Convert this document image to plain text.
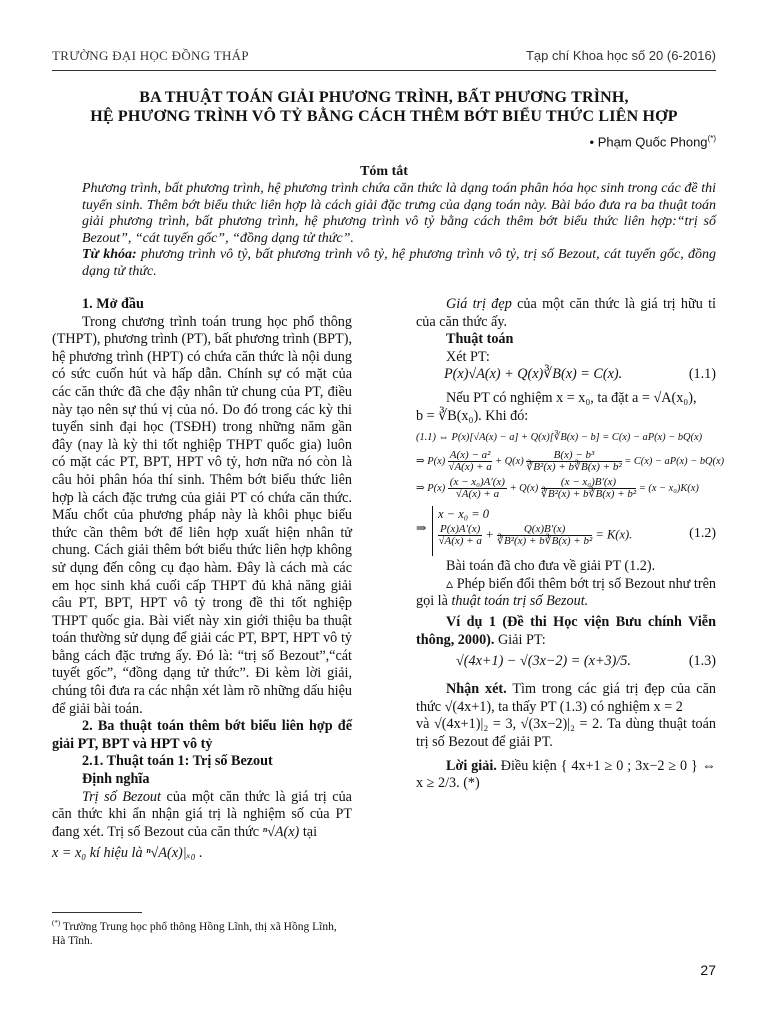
TRƯỜNG ĐẠI HỌC ĐỒNG THÁP	Tạp chí Khoa học số 20 (6-2016)
BA THUẬT TOÁN GIẢI PHƯƠNG TRÌNH, BẤT PHƯƠNG TRÌNH,
HỆ PHƯƠNG TRÌNH VÔ TỶ BẰNG CÁCH THÊM BỚT BIỂU THỨC LIÊN HỢP
• Phạm Quốc Phong(*)
Tóm tắt

Phương trình, bất phương trình, hệ phương trình chứa căn thức là dạng toán phân hóa học sinh trong các đề thi tuyển sinh. Thêm bớt biểu thức liên hợp là cách giải đặc trưng của dạng toán này. Bài báo đưa ra ba thuật toán giải phương trình, bất phương trình, hệ phương trình vô tỷ bằng cách thêm bớt biểu thức liên hợp:“trị số Bezout”, “cát tuyến gốc”, “đồng dạng tử thức”.

Từ khóa: phương trình vô tỷ, bất phương trình vô tỷ, hệ phương trình vô tỷ, trị số Bezout, cát tuyến gốc, đồng dạng tử thức.

1. Mở đầu

Trong chương trình toán trung học phổ thông (THPT), phương trình (PT), bất phương trình (BPT), hệ phương trình (HPT) có chứa căn thức là nội dung có sức cuốn hút và hấp dẫn. Chính sự có mặt của các căn thức đã che đậy nhân tử chung của PT, điều này tạo nên sự thú vị của nó. Do đó trong các kỳ thi tuyển sinh đại học (TSĐH) trong những năm gần đây (nay là kỳ thi tốt nghiệp THPT quốc gia) luôn có mặt các PT, BPT, HPT vô tỷ, hơn nữa nó còn là câu hỏi phân hóa thí sinh. Thêm bớt biểu thức liên hợp là cách đặc trưng của giải PT có chứa căn thức. Mấu chốt của phương pháp này là khôi phục biểu thức cần thêm bớt để liên hợp xuất hiện nhân tử chung. Cách giải thêm bớt biểu thức liên hợp không sử dụng đến công cụ đạo hàm. Đây là cách mà các em học sinh khá cuối cấp THPT đủ khả năng giải câu PT, BPT, HPT vô tỷ trong đề thi tốt nghiệp THPT quốc gia. Bài viết này xin giới thiệu ba thuật toán thường sử dụng để giải các PT, BPT, HPT vô tỷ bằng cách đặc trưng ấy. Đó là: “trị số Bezout”,“cát tuyết gốc”, “đồng dạng tử thức”. Đi kèm lời giải, chúng tôi đưa ra các nhận xét làm rõ những dấu hiệu để giải bài toán.

2. Ba thuật toán thêm bớt biểu liên hợp để giải PT, BPT và HPT vô tỷ

2.1. Thuật toán 1: Trị số Bezout

Định nghĩa

Trị số Bezout của một căn thức là giá trị của căn thức khi ẩn nhận giá trị là nghiệm số của PT đang xét. Trị số Bezout của căn thức ⁿ√A(x) tại

x = x₀ kí hiệu là ⁿ√A(x)|ₓ₀ .

(*) Trường Trung học phổ thông Hồng Lĩnh, thị xã Hồng Lĩnh, Hà Tĩnh.

Giá trị đẹp của một căn thức là giá trị hữu tỉ của căn thức ấy.

Thuật toán

Xét PT:

P(x)√A(x) + Q(x)∛B(x) = C(x).	(1.1)

Nếu PT có nghiệm x = x₀, ta đặt a = √A(x₀),

b = ∛B(x₀). Khi đó:

(1.1) ⇔ P(x)[√A(x) − a] + Q(x)[∛B(x) − b] = C(x) − aP(x) − bQ(x)
⇒ $P(x) \frac{\text{A(x) − a²}}{√A(x) + a} + Q(x) \frac{\text{B(x) − b³}}{\text{∛B²(x) + b∛B(x) + b²}} = C(x) - aP(x) - bQ(x)$
⇒ $P(x) \frac{\text{(x − x₀)A′(x)}}{√A(x) + a} + Q(x) \frac{\text{(x − x₀)B′(x)}}{\text{∛B²(x) + b∛B(x) + b²}} = (x - x_0)K(x)$
⇒
x − x₀ = 0
$\frac{P(x)A'(x)}{√A(x) + a} + \frac{Q(x)B'(x)}{\text{∛B²(x) + b∛B(x) + b²}} = K(x)$.	(1.2)

Bài toán đã cho đưa về giải PT (1.2).

▵ Phép biến đổi thêm bớt trị số Bezout như trên gọi là thuật toán trị số Bezout.

Ví dụ 1 (Đề thi Học viện Bưu chính Viễn thông, 2000). Giải PT:

√(4x+1) − √(3x−2) = (x+3)/5.	(1.3)

Nhận xét. Tìm trong các giá trị đẹp của căn thức √(4x+1), ta thấy PT (1.3) có nghiệm x = 2

và √(4x+1)|₂ = 3, √(3x−2)|₂ = 2. Ta dùng thuật toán trị số Bezout để giải PT.

Lời giải. Điều kiện { 4x+1 ≥ 0 ; 3x−2 ≥ 0 } ⇔ x ≥ 2/3. (*)

27
